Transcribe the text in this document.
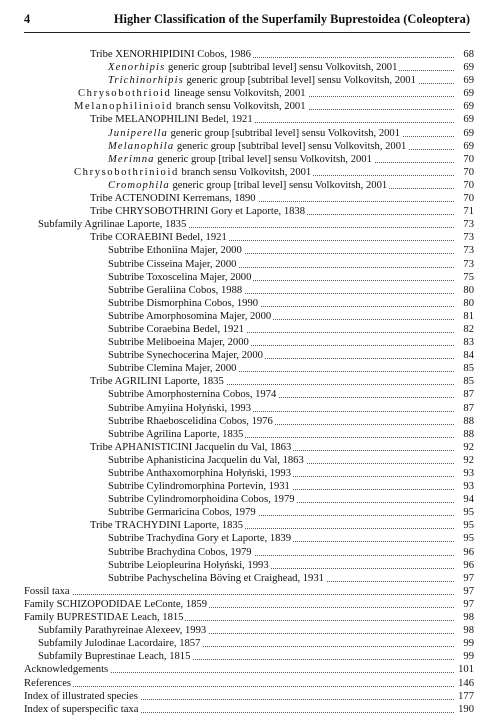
4	Higher Classification of the Superfamily Buprestoidea (Coleoptera)
Tribe XENORHIPIDINI Cobos, 1986	68
Xenorhipis generic group [subtribal level] sensu Volkovitsh, 2001	69
Trichinorhipis generic group [subtribal level] sensu Volkovitsh, 2001	69
Chrysobothrioid lineage sensu Volkovitsh, 2001	69
Melanophilinioid branch sensu Volkovitsh, 2001	69
Tribe MELANOPHILINI Bedel, 1921	69
Juniperella generic group [subtribal level] sensu Volkovitsh, 2001	69
Melanophila generic group [subtribal level] sensu Volkovitsh, 2001	69
Merimna generic group [tribal level] sensu Volkovitsh, 2001	70
Chrysobothrinioid branch sensu Volkovitsh, 2001	70
Cromophila generic group [tribal level] sensu Volkovitsh, 2001	70
Tribe ACTENODINI Kerremans, 1890	70
Tribe CHRYSOBOTHRINI Gory et Laporte, 1838	71
Subfamily Agrilinae Laporte, 1835	73
Tribe CORAEBINI Bedel, 1921	73
Subtribe Ethoniina Majer, 2000	73
Subtribe Cisseina Majer, 2000	73
Subtribe Toxoscelina Majer, 2000	75
Subtribe Geraliina Cobos, 1988	80
Subtribe Dismorphina Cobos, 1990	80
Subtribe Amorphosomina Majer, 2000	81
Subtribe Coraebina Bedel, 1921	82
Subtribe Meliboeina Majer, 2000	83
Subtribe Synechocerina Majer, 2000	84
Subtribe Clemina Majer, 2000	85
Tribe AGRILINI Laporte, 1835	85
Subtribe Amorphosternina Cobos, 1974	87
Subtribe Amyiina Hołyński, 1993	87
Subtribe Rhaeboscelidina Cobos, 1976	88
Subtribe Agrilina Laporte, 1835	88
Tribe APHANISTICINI Jacquelin du Val, 1863	92
Subtribe Aphanisticina Jacquelin du Val, 1863	92
Subtribe Anthaxomorphina Hołyński, 1993	93
Subtribe Cylindromorphina Portevin, 1931	93
Subtribe Cylindromorphoidina Cobos, 1979	94
Subtribe Germaricina Cobos, 1979	95
Tribe TRACHYDINI Laporte, 1835	95
Subtribe Trachydina Gory et Laporte, 1839	95
Subtribe Brachydina Cobos, 1979	96
Subtribe Leiopleurina Hołyński, 1993	96
Subtribe Pachyschelina Böving et Craighead, 1931	97
Fossil taxa	97
Family SCHIZOPODIDAE LeConte, 1859	97
Family BUPRESTIDAE Leach, 1815	98
Subfamily Parathyreinae Alexeev, 1993	98
Subfamily Julodinae Lacordaire, 1857	99
Subfamily Buprestinae Leach, 1815	99
Acknowledgements	101
References	146
Index of illustrated species	177
Index of superspecific taxa	190
